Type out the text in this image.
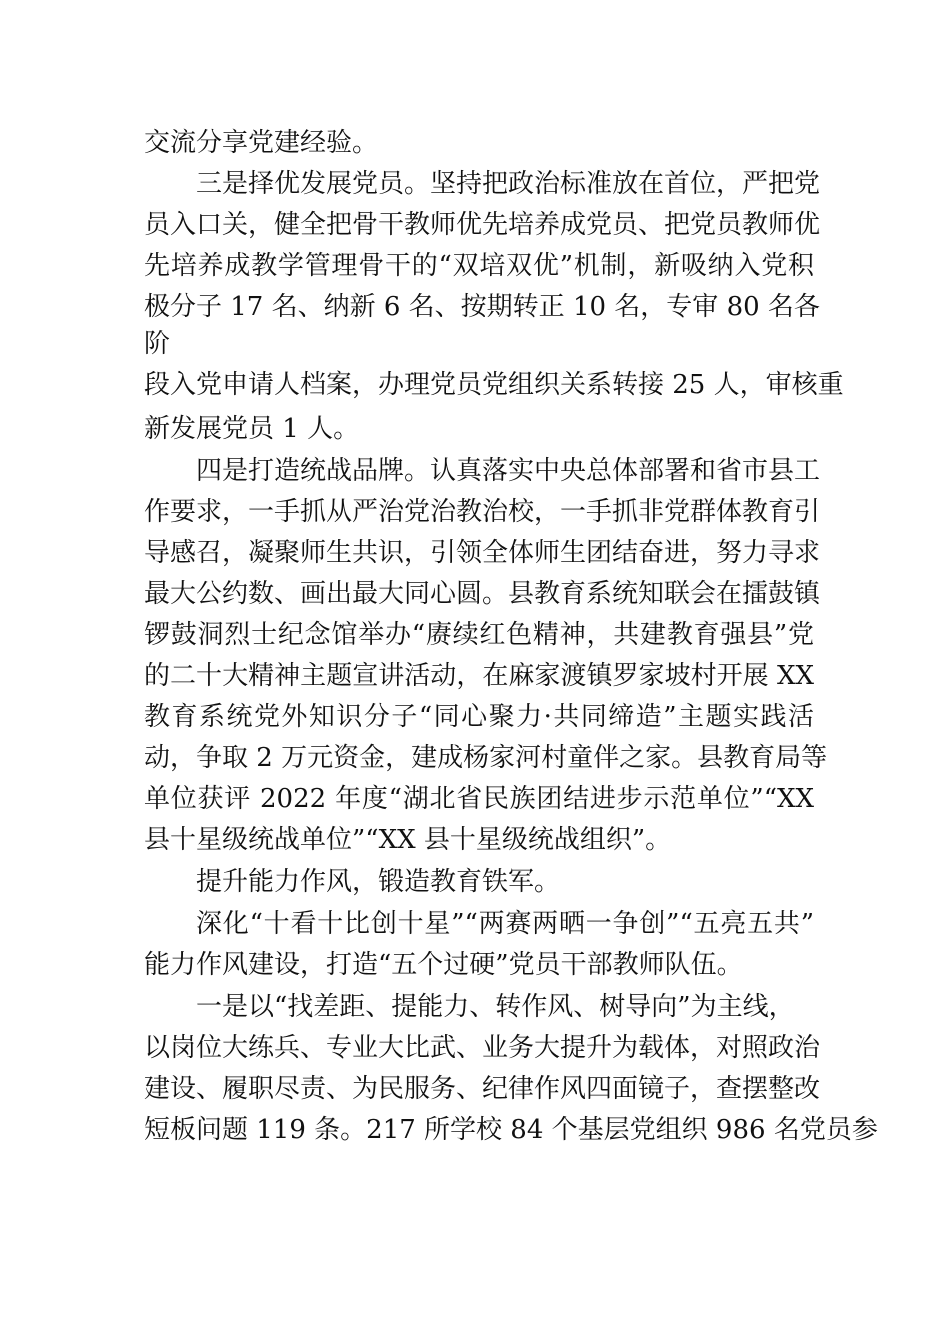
交流分享党建经验。
三是择优发展党员。坚持把政治标准放在首位，严把党
员入口关，健全把骨干教师优先培养成党员、把党员教师优
先培养成教学管理骨干的“双培双优”机制，新吸纳入党积
极分子 17 名、纳新 6 名、按期转正 10 名，专审 80 名各
阶
段入党申请人档案，办理党员党组织关系转接 25 人，审核重
新发展党员 1 人。
四是打造统战品牌。认真落实中央总体部署和省市县工
作要求，一手抓从严治党治教治校，一手抓非党群体教育引
导感召，凝聚师生共识，引领全体师生团结奋进，努力寻求
最大公约数、画出最大同心圆。县教育系统知联会在擂鼓镇
锣鼓洞烈士纪念馆举办“赓续红色精神，共建教育强县”党
的二十大精神主题宣讲活动，在麻家渡镇罗家坡村开展 XX
教育系统党外知识分子“同心聚力·共同缔造”主题实践活
动，争取 2 万元资金，建成杨家河村童伴之家。县教育局等
单位获评 2022 年度“湖北省民族团结进步示范单位”“XX
县十星级统战单位”“XX 县十星级统战组织”。
提升能力作风，锻造教育铁军。
深化“十看十比创十星”“两赛两晒一争创”“五亮五共”
能力作风建设，打造“五个过硬”党员干部教师队伍。
一是以“找差距、提能力、转作风、树导向”为主线，
以岗位大练兵、专业大比武、业务大提升为载体，对照政治
建设、履职尽责、为民服务、纪律作风四面镜子，查摆整改
短板问题 119 条。217 所学校 84 个基层党组织 986 名党员参
